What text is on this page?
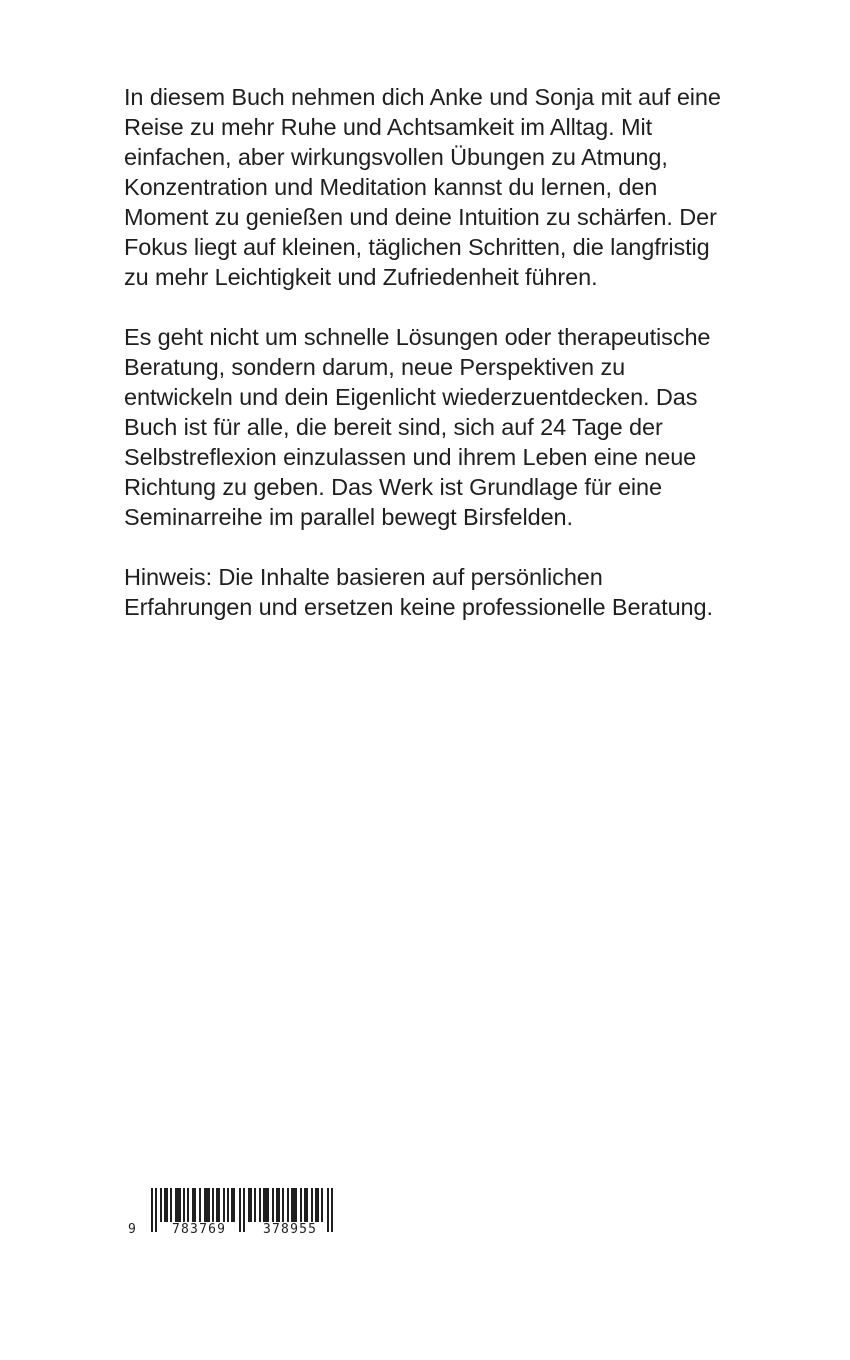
In diesem Buch nehmen dich Anke und Sonja mit auf eine Reise zu mehr Ruhe und Achtsamkeit im Alltag. Mit einfachen, aber wirkungsvollen Übungen zu Atmung, Konzentration und Meditation kannst du lernen, den Moment zu genießen und deine Intuition zu schärfen. Der Fokus liegt auf kleinen, täglichen Schritten, die langfristig zu mehr Leichtigkeit und Zufriedenheit führen.

Es geht nicht um schnelle Lösungen oder therapeutische Beratung, sondern darum, neue Perspektiven zu entwickeln und dein Eigenlicht wiederzuentdecken. Das Buch ist für alle, die bereit sind, sich auf 24 Tage der Selbstreflexion einzulassen und ihrem Leben eine neue Richtung zu geben. Das Werk ist Grundlage für eine Seminarreihe im parallel bewegt Birsfelden.

Hinweis: Die Inhalte basieren auf persönlichen Erfahrungen und ersetzen keine professionelle Beratung.

9	783769	378955
